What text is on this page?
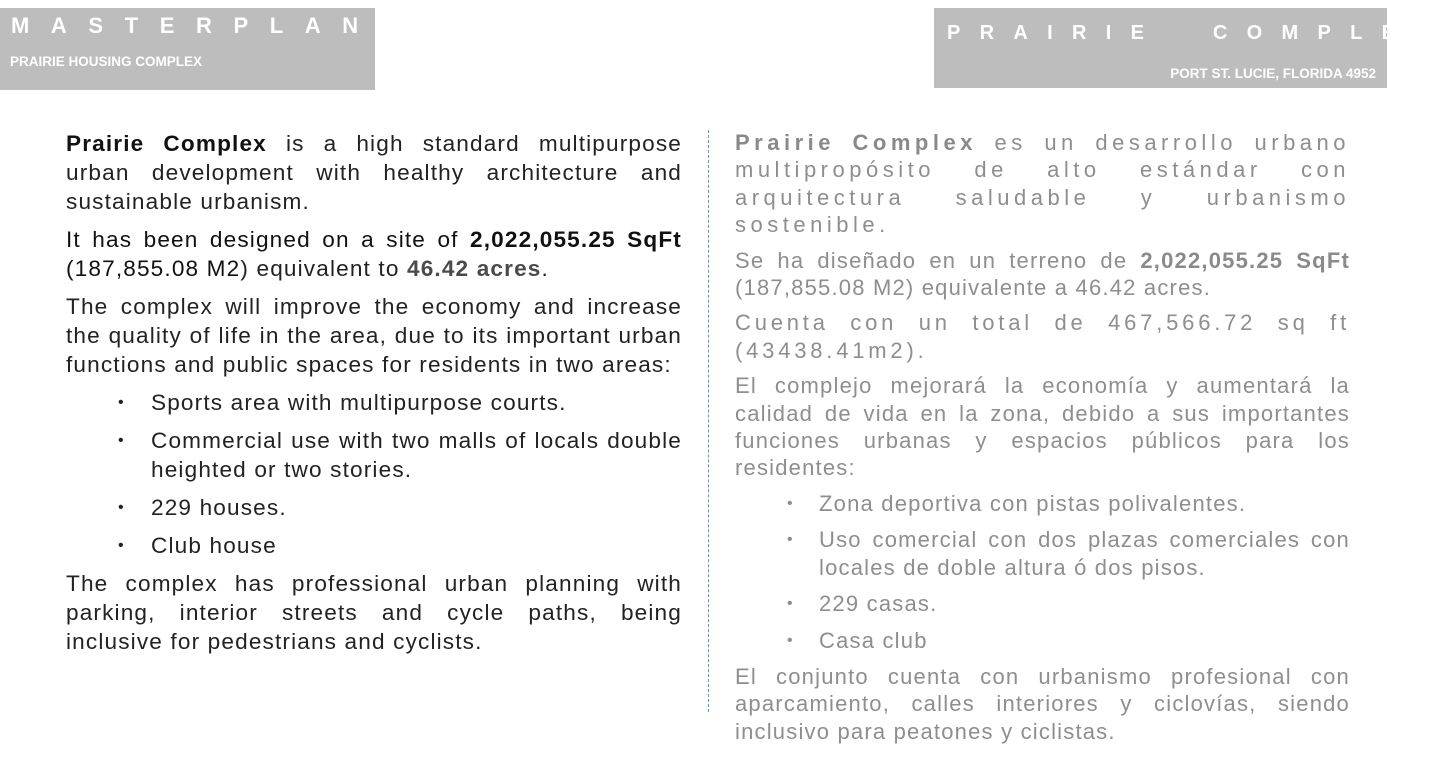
MASTERPLAN
PRAIRIE HOUSING COMPLEX
PRAIRIE  COMPLEX
PORT ST. LUCIE, FLORIDA 4952

Prairie Complex is a high standard multipurpose urban development with healthy architecture and sustainable urbanism.

It has been designed on a site of 2,022,055.25 SqFt (187,855.08 M2) equivalent to 46.42 acres.

The complex will improve the economy and increase the quality of life in the area, due to its important urban functions and public spaces for residents in two areas:

• Sports area with multipurpose courts.
• Commercial use with two malls of locals double heighted or two stories.
• 229 houses.
• Club house

The complex has professional urban planning with parking, interior streets and cycle paths, being inclusive for pedestrians and cyclists.

Prairie Complex es un desarrollo urbano multipropósito de alto estándar con arquitectura saludable y urbanismo sostenible.

Se ha diseñado en un terreno de 2,022,055.25 SqFt (187,855.08 M2) equivalente a 46.42 acres.

Cuenta con un total de 467,566.72 sq ft (43438.41m2).

El complejo mejorará la economía y aumentará la calidad de vida en la zona, debido a sus importantes funciones urbanas y espacios públicos para los residentes:

• Zona deportiva con pistas polivalentes.
• Uso comercial con dos plazas comerciales con locales de doble altura ó dos pisos.
• 229 casas.
• Casa club

El conjunto cuenta con urbanismo profesional con aparcamiento, calles interiores y ciclovías, siendo inclusivo para peatones y ciclistas.
